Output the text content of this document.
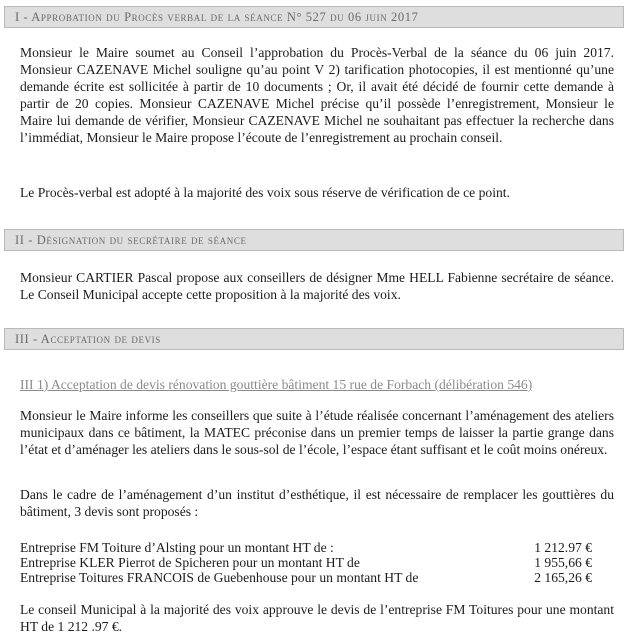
I - Approbation du Procès verbal de la séance N° 527 du 06 juin 2017

Monsieur le Maire soumet au Conseil l’approbation du Procès-Verbal de la séance du 06 juin 2017. Monsieur CAZENAVE Michel souligne qu’au point V 2) tarification photocopies, il est mentionné qu’une demande écrite est sollicitée à partir de 10 documents ; Or, il avait été décidé de fournir cette demande à partir de 20 copies. Monsieur CAZENAVE Michel précise qu’il possède l’enregistrement, Monsieur le Maire lui demande de vérifier, Monsieur CAZENAVE Michel ne souhaitant pas effectuer la recherche dans l’immédiat, Monsieur le Maire propose l’écoute de l’enregistrement au prochain conseil.

Le Procès-verbal est adopté à la majorité des voix sous réserve de vérification de ce point.

II - Désignation du secrétaire de séance

Monsieur CARTIER Pascal propose aux conseillers de désigner Mme HELL Fabienne secrétaire de séance. Le Conseil Municipal accepte cette proposition à la majorité des voix.

III - Acceptation de devis
III 1) Acceptation de devis rénovation gouttière bâtiment 15 rue de Forbach (délibération 546)

Monsieur le Maire informe les conseillers que suite à l’étude réalisée concernant l’aménagement des ateliers municipaux dans ce bâtiment, la MATEC préconise dans un premier temps de laisser la partie grange dans l’état et d’aménager les ateliers dans le sous-sol de l’école, l’espace étant suffisant et le coût moins onéreux.

Dans le cadre de l’aménagement d’un institut d’esthétique, il est nécessaire de remplacer les gouttières du bâtiment, 3 devis sont proposés :

Entreprise FM Toiture d’Alsting pour un montant HT de :	1 212.97 €
Entreprise KLER Pierrot de Spicheren pour un montant HT de	1 955,66 €
Entreprise Toitures FRANCOIS de Guebenhouse pour un montant HT de	2 165,26 €

Le conseil Municipal à la majorité des voix approuve le devis de l’entreprise FM Toitures pour une montant HT de 1 212 .97 €.
